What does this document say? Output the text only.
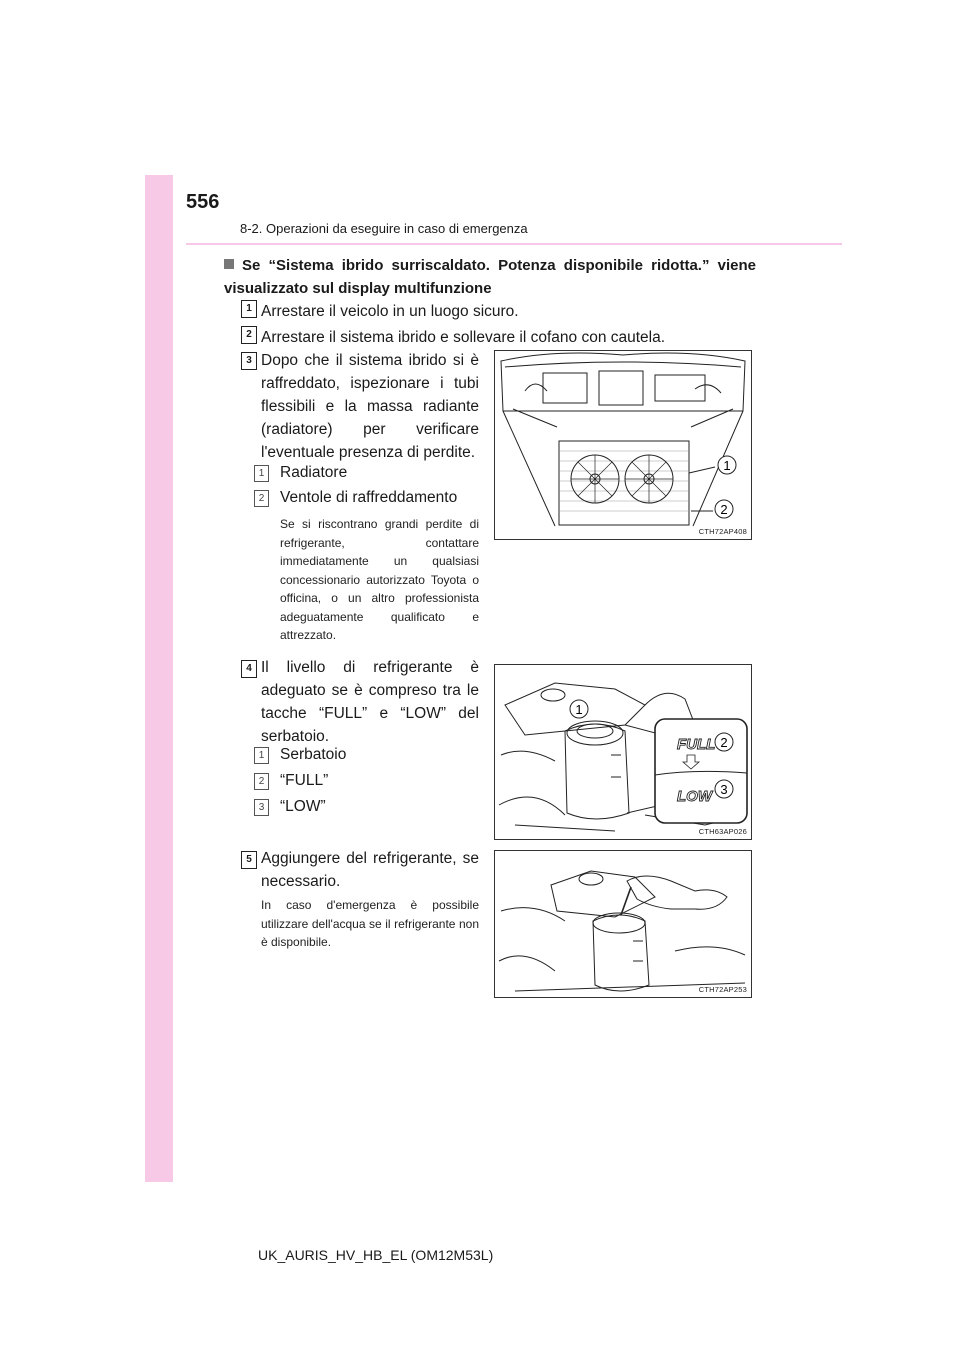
556
8-2. Operazioni da eseguire in caso di emergenza
Se “Sistema ibrido surriscaldato. Potenza disponibile ridotta.” viene visualizzato sul display multifunzione
1 Arrestare il veicolo in un luogo sicuro.
2 Arrestare il sistema ibrido e sollevare il cofano con cautela.
3 Dopo che il sistema ibrido si è raffreddato, ispezionare i tubi flessibili e la massa radiante (radiatore) per verificare l'eventuale presenza di perdite.
1	Radiatore
2	Ventole di raffreddamento
Se si riscontrano grandi perdite di refrigerante, contattare immediatamente un qualsiasi concessionario autorizzato Toyota o officina, o un altro professionista adeguatamente qualificato e attrezzato.
1
2
CTH72AP408
4 Il livello di refrigerante è adeguato se è compreso tra le tacche “FULL” e “LOW” del serbatoio.
1	Serbatoio
2	“FULL”
3	“LOW”
FULL
LOW
1
2
3
CTH63AP026
5 Aggiungere del refrigerante, se necessario.
In caso d'emergenza è possibile utilizzare dell'acqua se il refrigerante non è disponibile.
CTH72AP253
UK_AURIS_HV_HB_EL (OM12M53L)
